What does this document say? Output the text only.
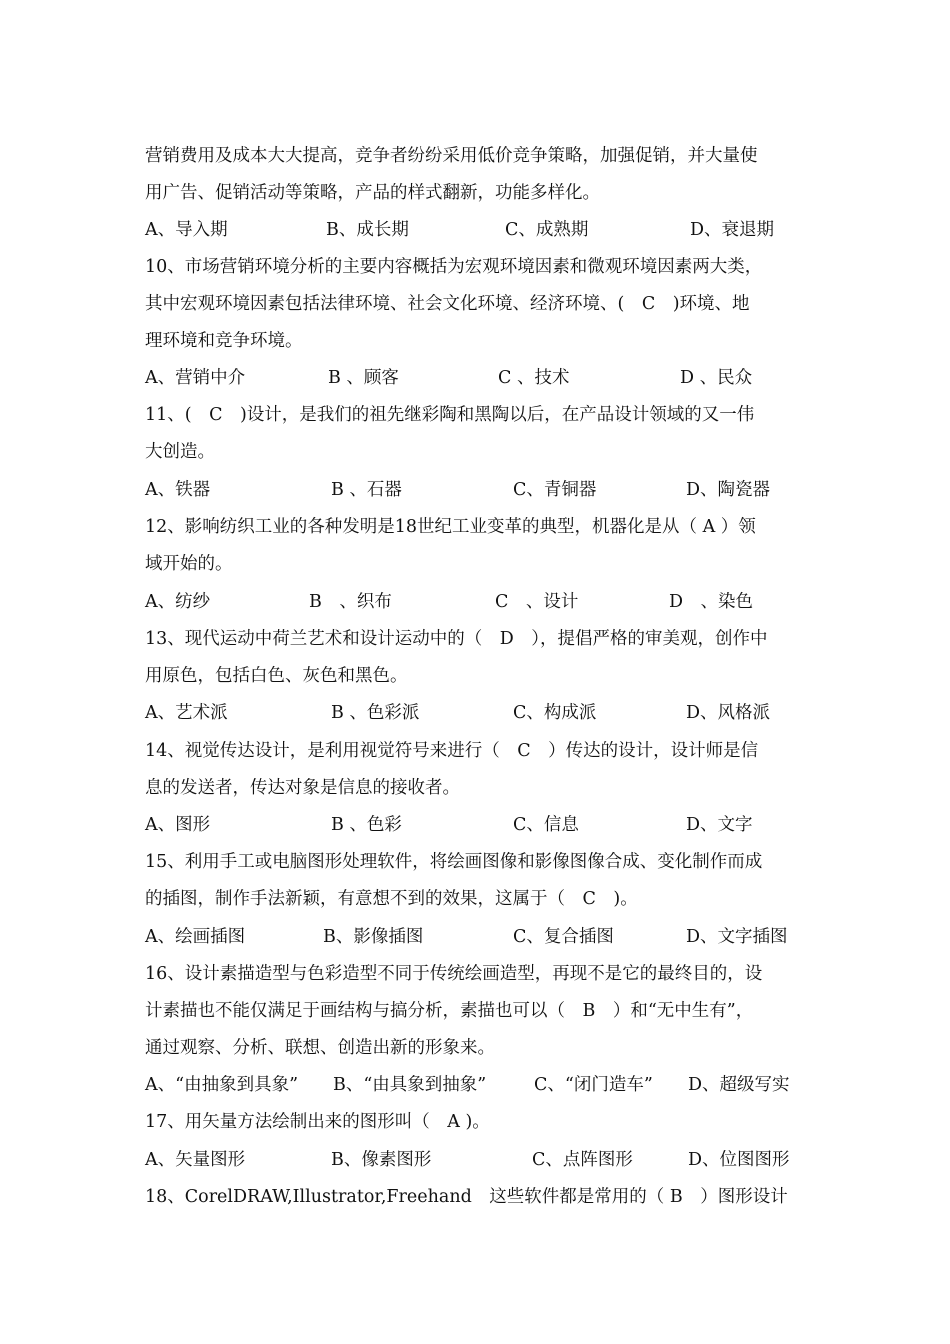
营销费用及成本大大提高，竞争者纷纷采用低价竞争策略，加强促销，并大量使
用广告、促销活动等策略，产品的样式翻新，功能多样化。
A、导入期	B、成长期	C、成熟期	D、衰退期
10、市场营销环境分析的主要内容概括为宏观环境因素和微观环境因素两大类，
其中宏观环境因素包括法律环境、社会文化环境、经济环境、(　C　)环境、地
理环境和竞争环境。
A、营销中介	B 、顾客	C 、技术	D 、民众
11、(　C　)设计，是我们的祖先继彩陶和黑陶以后，在产品设计领域的又一伟
大创造。
A、铁器	B 、石器	C、青铜器	D、陶瓷器
12、影响纺织工业的各种发明是18世纪工业变革的典型，机器化是从（ A ）领
域开始的。
A、纺纱	B　、织布	C　、设计	D　、染色
13、现代运动中荷兰艺术和设计运动中的（　D　），提倡严格的审美观，创作中
用原色，包括白色、灰色和黑色。
A、艺术派	B 、色彩派	C、构成派	D、风格派
14、视觉传达设计，是利用视觉符号来进行（　C　）传达的设计，设计师是信
息的发送者，传达对象是信息的接收者。
A、图形	B 、色彩	C、信息	D、文字
15、利用手工或电脑图形处理软件，将绘画图像和影像图像合成、变化制作而成
的插图，制作手法新颖，有意想不到的效果，这属于（　C　)。
A、绘画插图	B、影像插图	C、复合插图	D、文字插图
16、设计素描造型与色彩造型不同于传统绘画造型，再现不是它的最终目的，设
计素描也不能仅满足于画结构与搞分析，素描也可以（　B　）和“无中生有”，
通过观察、分析、联想、创造出新的形象来。
A、“由抽象到具象” B、“由具象到抽象”	C、“闭门造车” D、超级写实
17、用矢量方法绘制出来的图形叫（　A )。
A、矢量图形	B、像素图形	C、点阵图形	D、位图图形
18、CorelDRAW,Illustrator,Freehand　这些软件都是常用的（ B　）图形设计
